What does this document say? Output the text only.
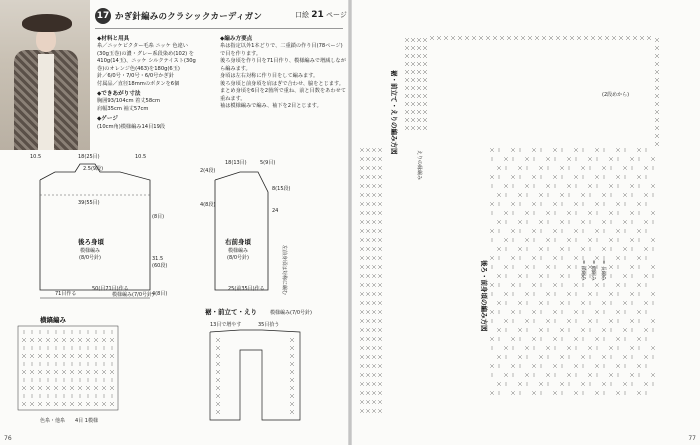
17 かぎ針編みのクラシックカーディガン	口絵 21 ページ
◆材料と用具
糸／ニッケビクター毛糸 ニッケ 色違い
(30g玉巻)の濃・グレー系段染め(102) を
410g(14玉)、ニッケ シルクテイスト(30g
巻)のオレンジ色(463)を180g(6玉)
針／6/0号・7/0号・6/0号かぎ針
付属品／直径18mmのボタンを6個
◆できあがり寸法
胸囲93/104cm 着丈58cm
肩幅35cm 袖丈57cm
◆ゲージ
(10cm角)模様編み14目19段
◆編み方要点
糸は指定以外1本どりで、二重鎖の作り目(78ページ)で目を作ります。
後ろ身頃を作り目を71目作り、模様編みで増減しながら編みます。
身頃は左右対称に作り目をして編みます。
後ろ身頃と前身頃を肩はぎで合わせ、脇をとじます。
まとめ身頃を6目を2箇所で重ね、前と目数をあわせて重ねます。
袖は模様編みで編み、袖下を2目とじます。
後ろ身頃
模様編み
(8/0号針)
10.5	18(25目)	10.5
2.5(9段)
39(55目)
(8目)
31.5
(60段)
71目作る
50(目71目)作る
模様編み(7/0号針)
4(8目)
右前身頃
模様編み
(8/0号針)
18(13目)	5(9目)
24
8(15段)
2(4段)
4(8段)
25(前35目)作る	左前身頃は対称に編む
横縞編み
色糸・他糸 4目 1模様
裾・前立て・えり	模様編み(7/0号針)
13目で増やす	35目拾う
76
裾・前立て・えりの編み方図
後ろ・前身頃の編み方図
(2段めから)
えりの縁編み
= 鎖編み = 細編み = 長編み
77
